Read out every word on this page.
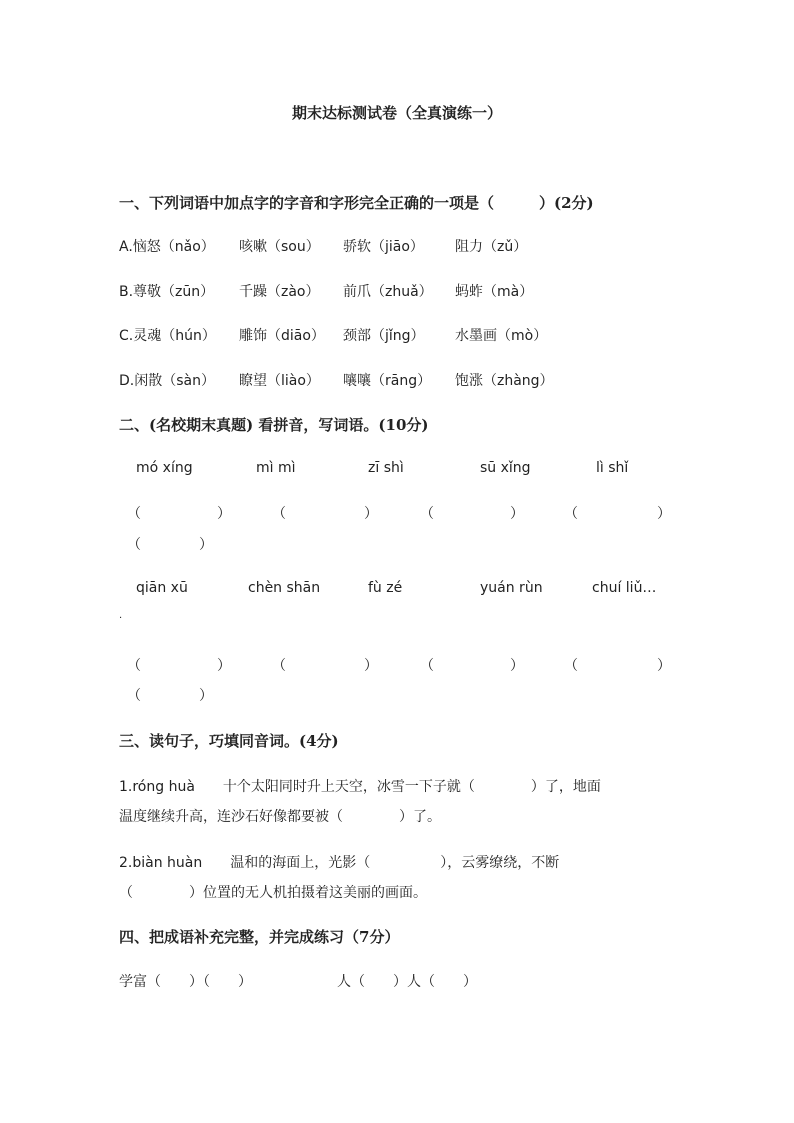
期末达标测试卷（全真演练一）
一、下列词语中加点字的字音和字形完全正确的一项是（　　　）(2分)
A.恼怒（nǎo） 咳嗽（sou） 骄软（jiāo） 阻力（zǔ）
B.尊敬（zūn） 千躁（zào） 前爪（zhuǎ） 蚂蚱（mà）
C.灵魂（hún） 雕饰（diāo） 颈部（jǐng） 水墨画（mò）
D.闲散（sàn） 瞭望（liào） 嚷嚷（rāng） 饱涨（zhàng）
二、(名校期末真题) 看拼音，写词语。(10分)
mó xíng	mì mì	zī shì	sū xǐng	lì shǐ
（	）	（	）	（	）	（	）
（	）
qiān xū	chèn shān	fù zé	yuán rùn	chuí liǔ…
.
（	）	（	）	（	）	（	）
（	）
三、读句子，巧填同音词。(4分)
1.róng huà　　十个太阳同时升上天空，冰雪一下子就（　　　　）了，地面
温度继续升高，连沙石好像都要被（　　　　）了。
2.biàn huàn　　温和的海面上，光影（　　　　　），云雾缭绕，不断
（　　　　）位置的无人机拍摄着这美丽的画面。
四、把成语补充完整，并完成练习（7分）
学富（　　）（　　）	人（　　）人（　　）
